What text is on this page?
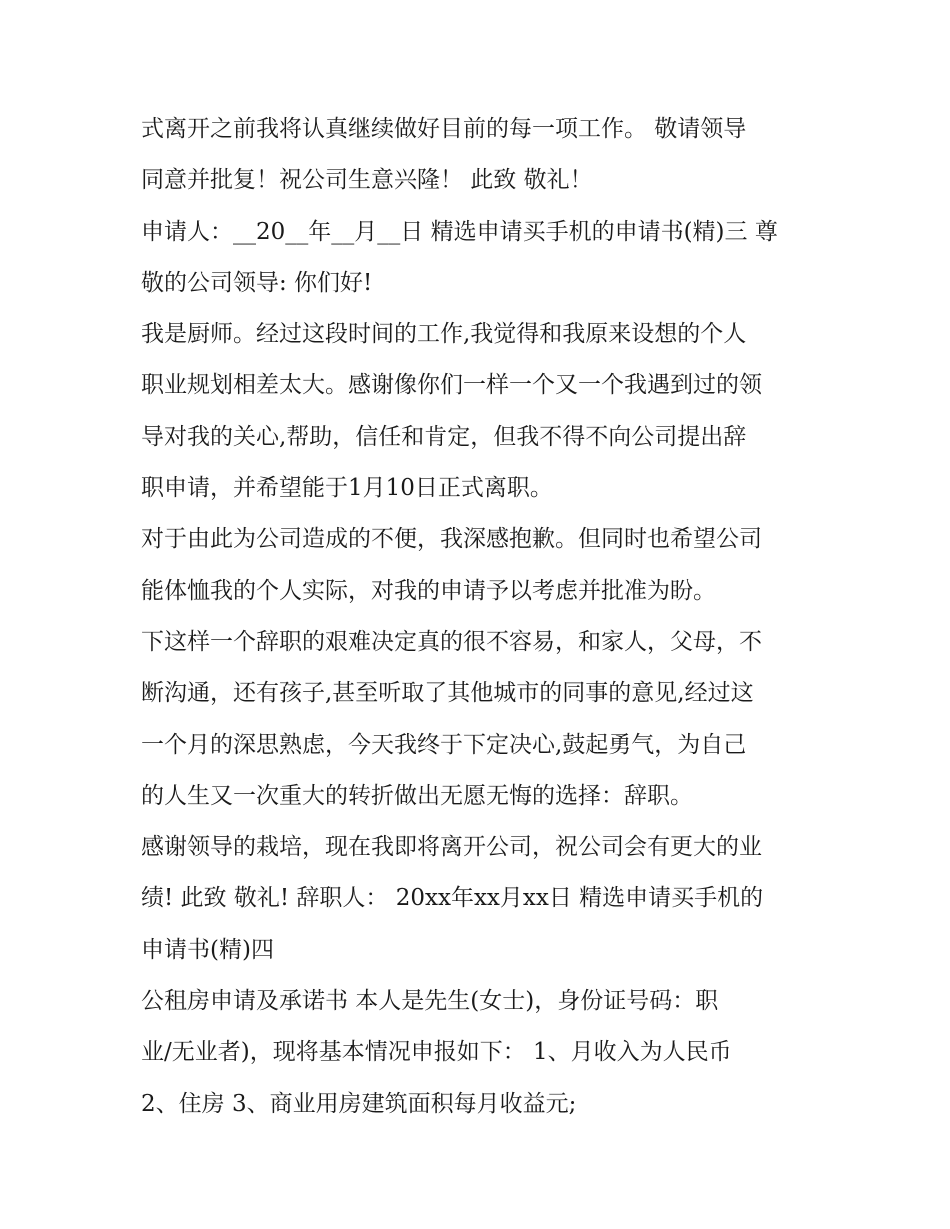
式离开之前我将认真继续做好目前的每一项工作。 敬请领导
同意并批复！祝公司生意兴隆！ 此致 敬礼！
申请人：__20__年__月__日 精选申请买手机的申请书(精)三 尊
敬的公司领导: 你们好!
我是厨师。经过这段时间的工作,我觉得和我原来设想的个人
职业规划相差太大。感谢像你们一样一个又一个我遇到过的领
导对我的关心,帮助，信任和肯定，但我不得不向公司提出辞
职申请，并希望能于1月10日正式离职。
对于由此为公司造成的不便，我深感抱歉。但同时也希望公司
能体恤我的个人实际，对我的申请予以考虑并批准为盼。
下这样一个辞职的艰难决定真的很不容易，和家人，父母，不
断沟通，还有孩子,甚至听取了其他城市的同事的意见,经过这
一个月的深思熟虑，今天我终于下定决心,鼓起勇气，为自己
的人生又一次重大的转折做出无愿无悔的选择：辞职。
感谢领导的栽培，现在我即将离开公司，祝公司会有更大的业
绩! 此致 敬礼! 辞职人： 20xx年xx月xx日 精选申请买手机的
申请书(精)四
公租房申请及承诺书 本人是先生(女士)，身份证号码：职
业/无业者)，现将基本情况申报如下： 1、月收入为人民币
2、住房 3、商业用房建筑面积每月收益元;
